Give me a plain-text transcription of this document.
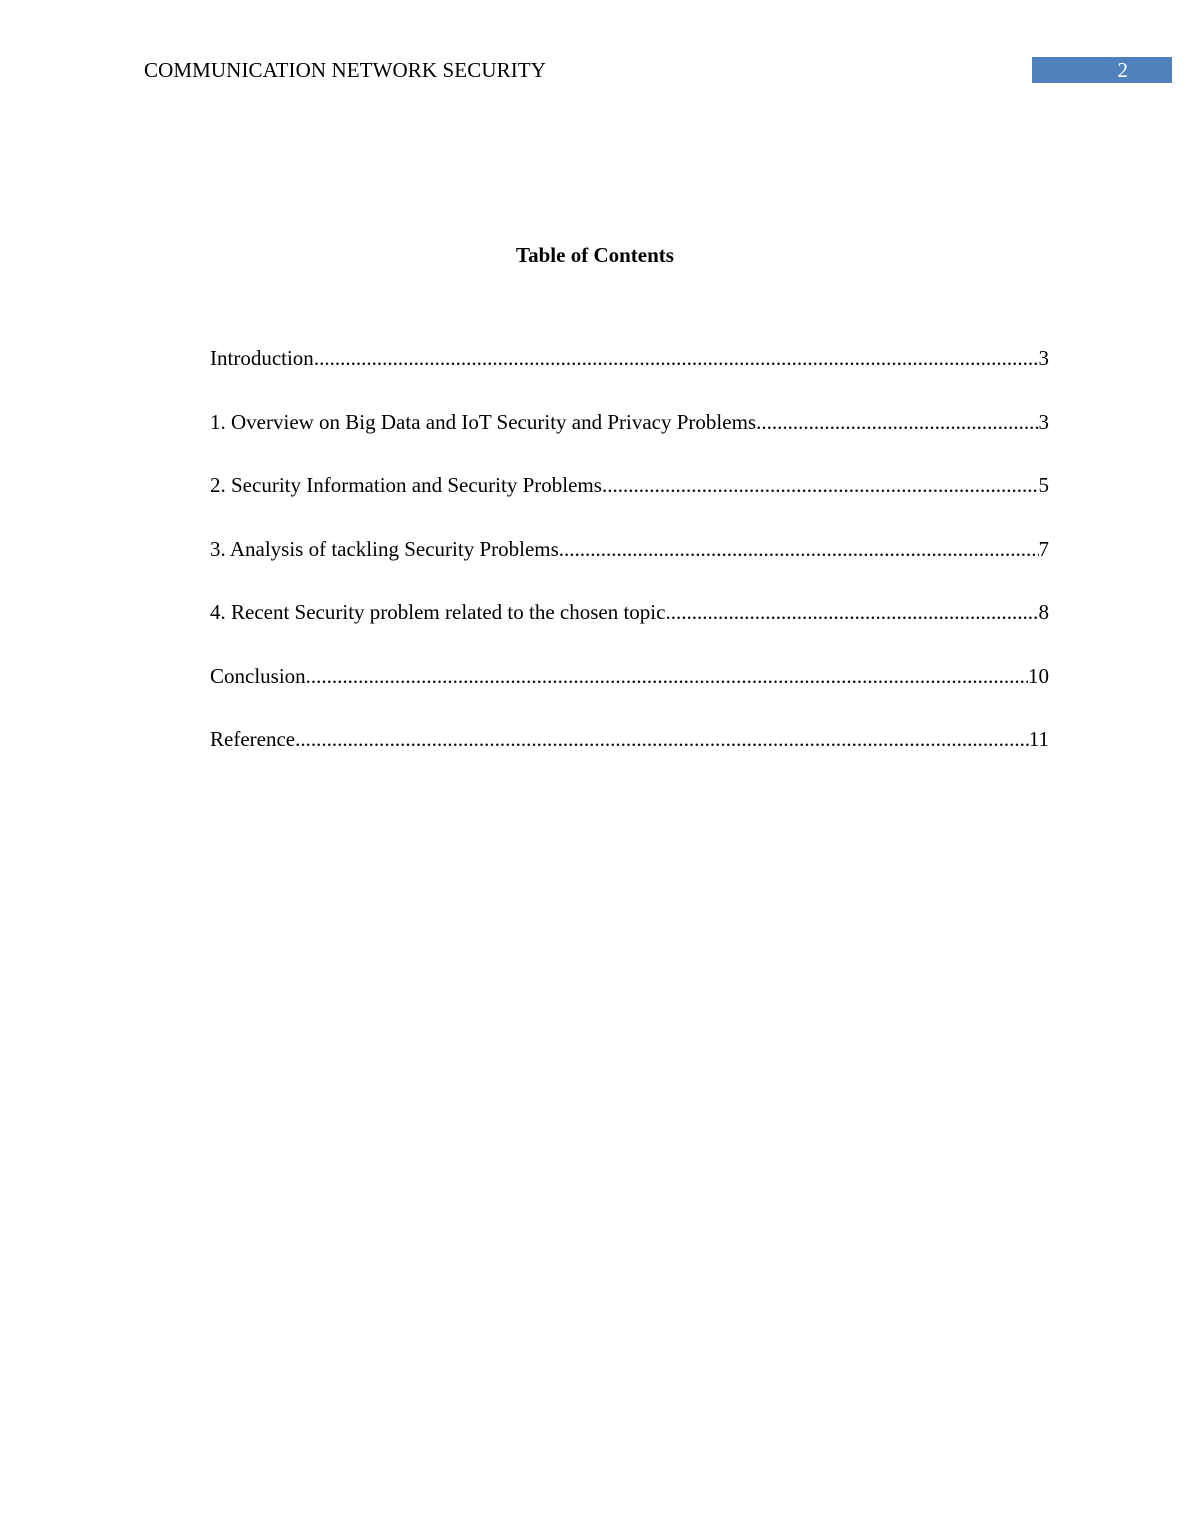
COMMUNICATION NETWORK SECURITY	2
Table of Contents
Introduction .....	3
1. Overview on Big Data and IoT Security and Privacy Problems .....	3
2. Security Information and Security Problems .....	5
3. Analysis of tackling Security Problems .....	7
4. Recent Security problem related to the chosen topic .....	8
Conclusion .....	10
Reference .....	11
